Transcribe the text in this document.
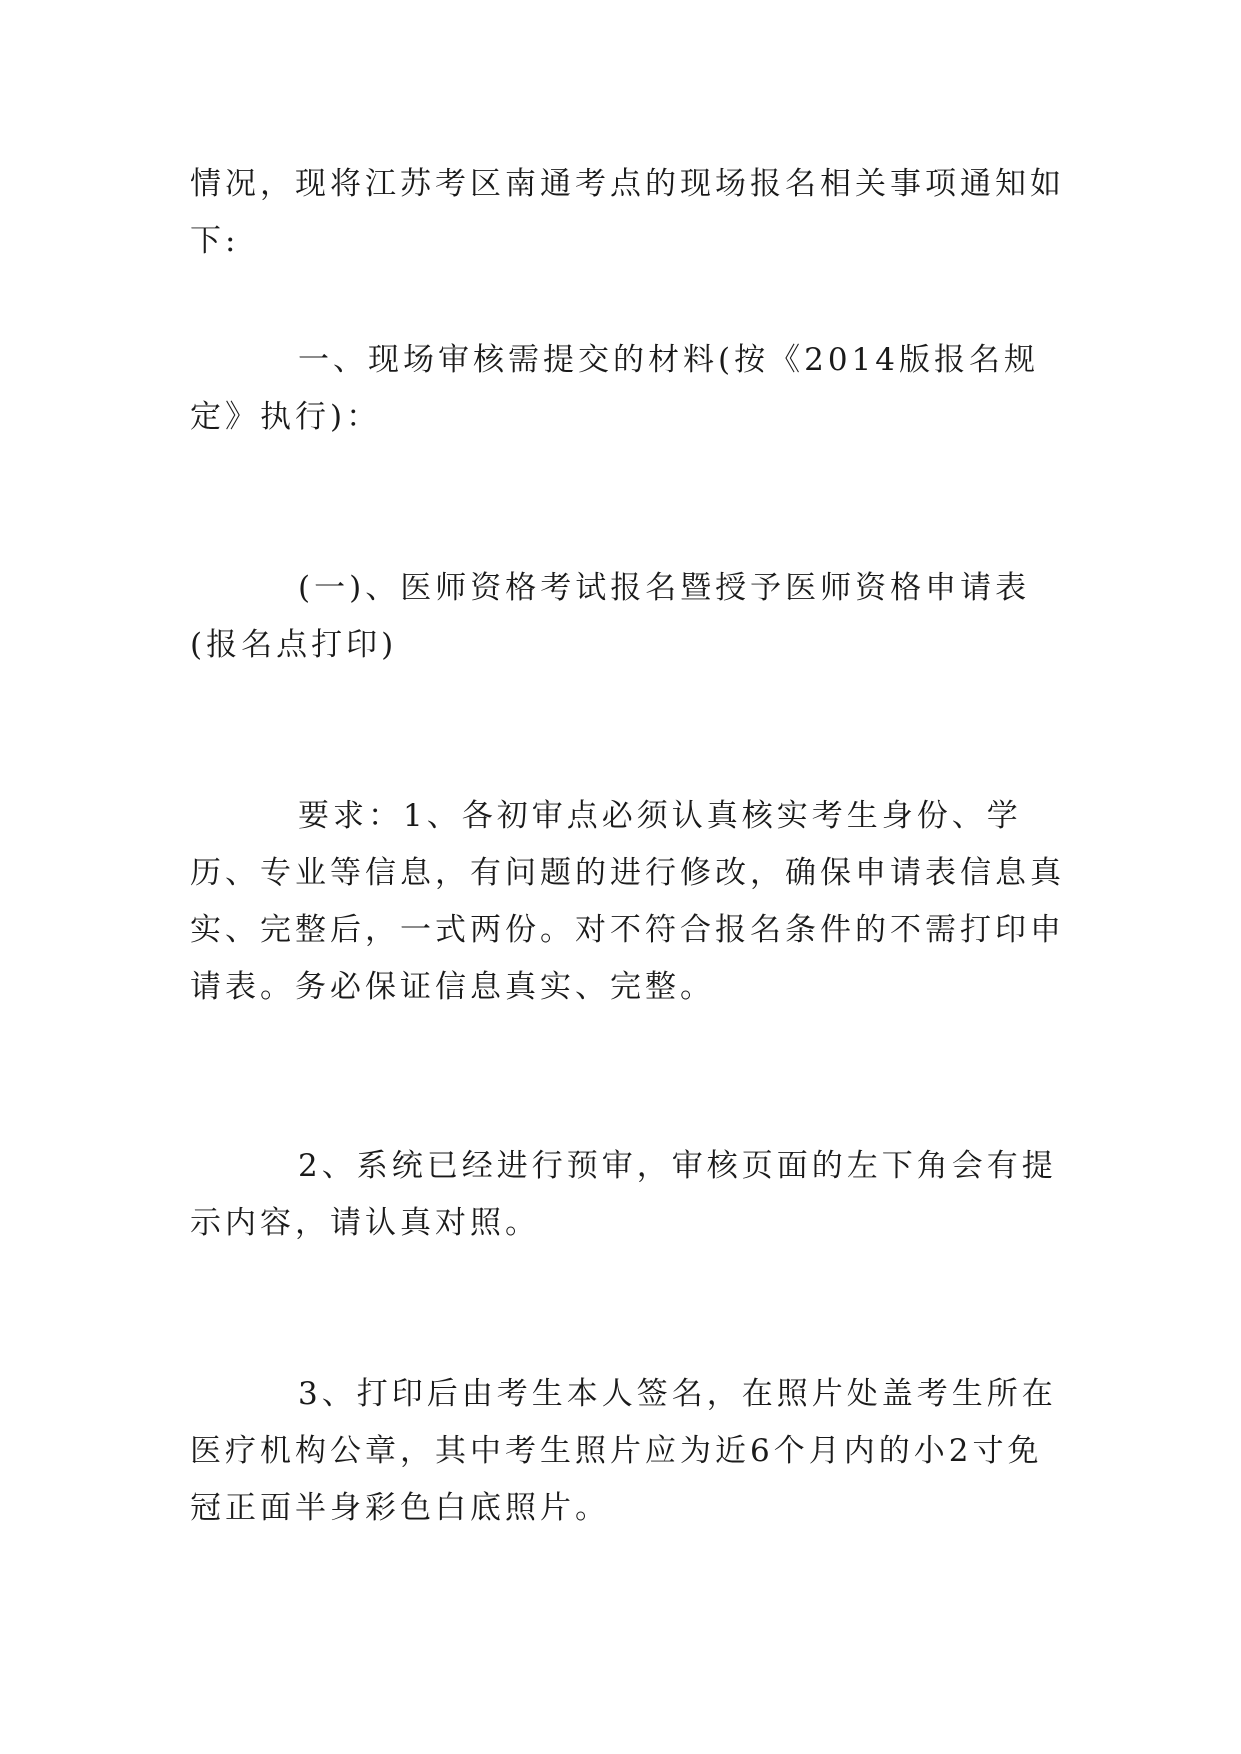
情况，现将江苏考区南通考点的现场报名相关事项通知如下:

一、现场审核需提交的材料(按《2014版报名规定》执行)：

(一)、医师资格考试报名暨授予医师资格申请表(报名点打印)

要求：1、各初审点必须认真核实考生身份、学历、专业等信息，有问题的进行修改，确保申请表信息真实、完整后，一式两份。对不符合报名条件的不需打印申请表。务必保证信息真实、完整。

2、系统已经进行预审，审核页面的左下角会有提示内容，请认真对照。

3、打印后由考生本人签名，在照片处盖考生所在医疗机构公章，其中考生照片应为近6个月内的小2寸免冠正面半身彩色白底照片。
